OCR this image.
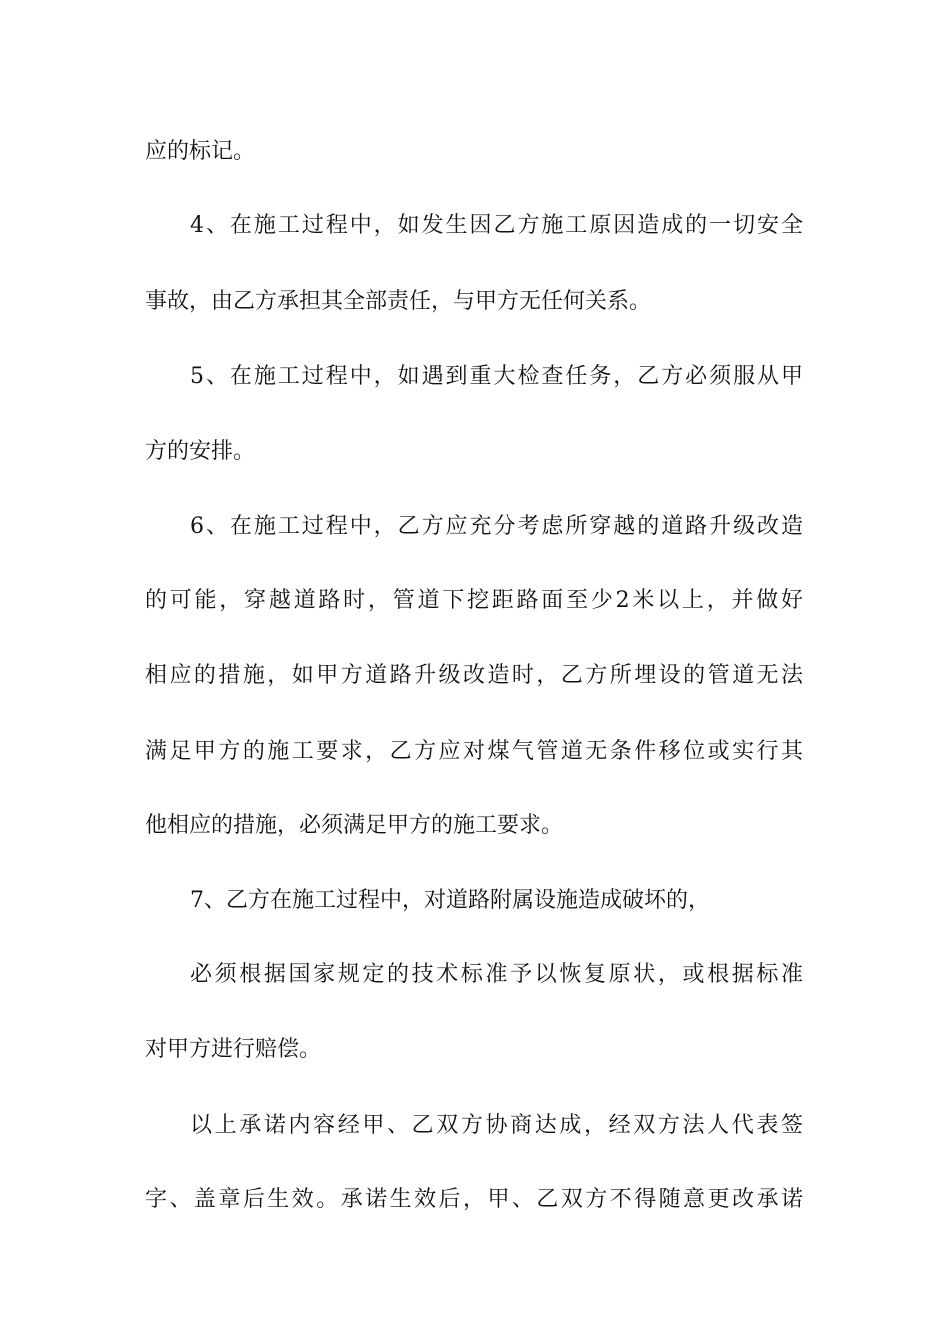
应的标记。
4、在施工过程中，如发生因乙方施工原因造成的一切安全
事故，由乙方承担其全部责任，与甲方无任何关系。
5、在施工过程中，如遇到重大检查任务，乙方必须服从甲
方的安排。
6、在施工过程中，乙方应充分考虑所穿越的道路升级改造
的可能，穿越道路时，管道下挖距路面至少2米以上，并做好
相应的措施，如甲方道路升级改造时，乙方所埋设的管道无法
满足甲方的施工要求，乙方应对煤气管道无条件移位或实行其
他相应的措施，必须满足甲方的施工要求。
7、乙方在施工过程中，对道路附属设施造成破坏的，
必须根据国家规定的技术标准予以恢复原状，或根据标准
对甲方进行赔偿。
以上承诺内容经甲、乙双方协商达成，经双方法人代表签
字、盖章后生效。承诺生效后，甲、乙双方不得随意更改承诺
